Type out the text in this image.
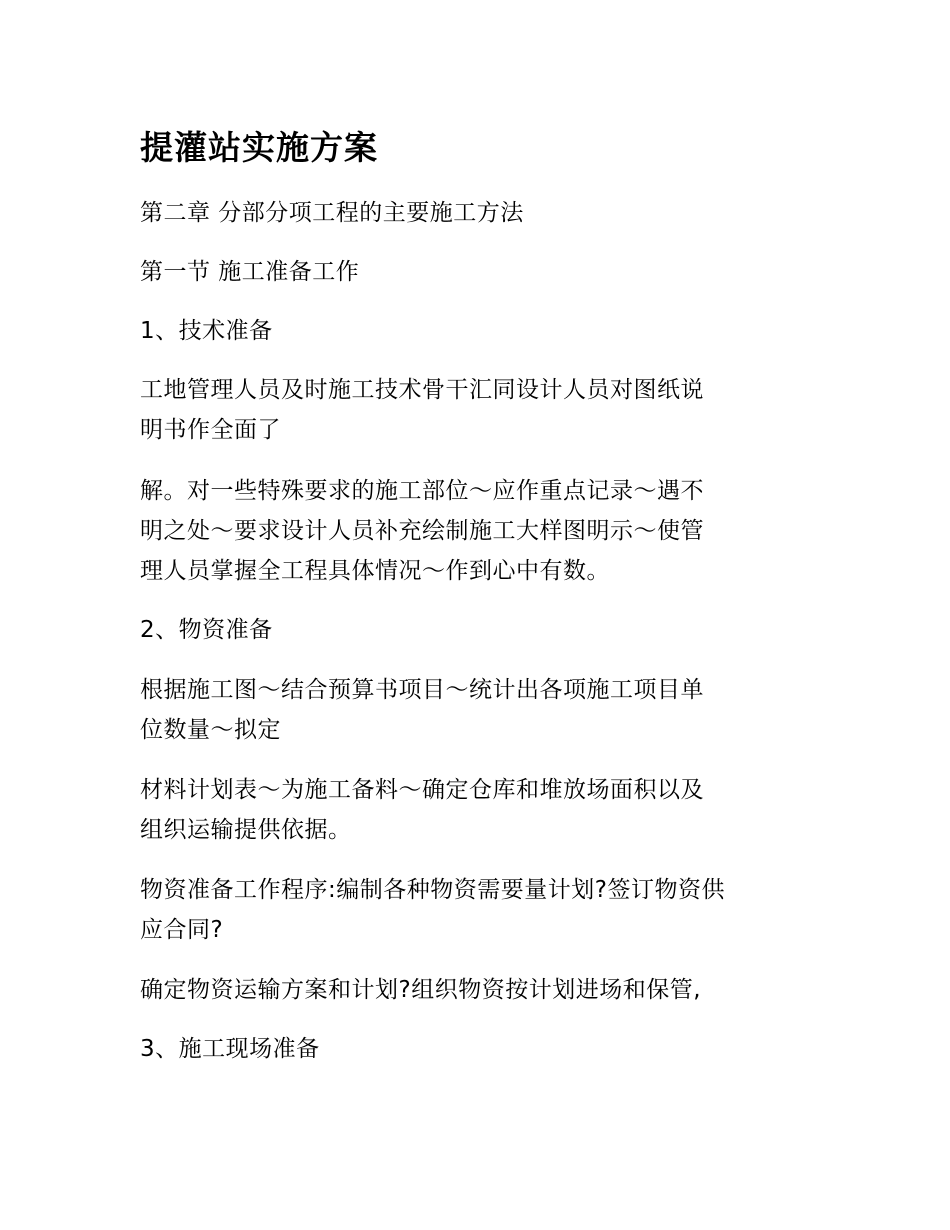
提灌站实施方案

第二章 分部分项工程的主要施工方法

第一节 施工准备工作

1、技术准备

工地管理人员及时施工技术骨干汇同设计人员对图纸说

明书作全面了

解。对一些特殊要求的施工部位～应作重点记录～遇不

明之处～要求设计人员补充绘制施工大样图明示～使管

理人员掌握全工程具体情况～作到心中有数。

2、物资准备

根据施工图～结合预算书项目～统计出各项施工项目单

位数量～拟定

材料计划表～为施工备料～确定仓库和堆放场面积以及

组织运输提供依据。

物资准备工作程序:编制各种物资需要量计划?签订物资供

应合同?

确定物资运输方案和计划?组织物资按计划进场和保管,

3、施工现场准备
